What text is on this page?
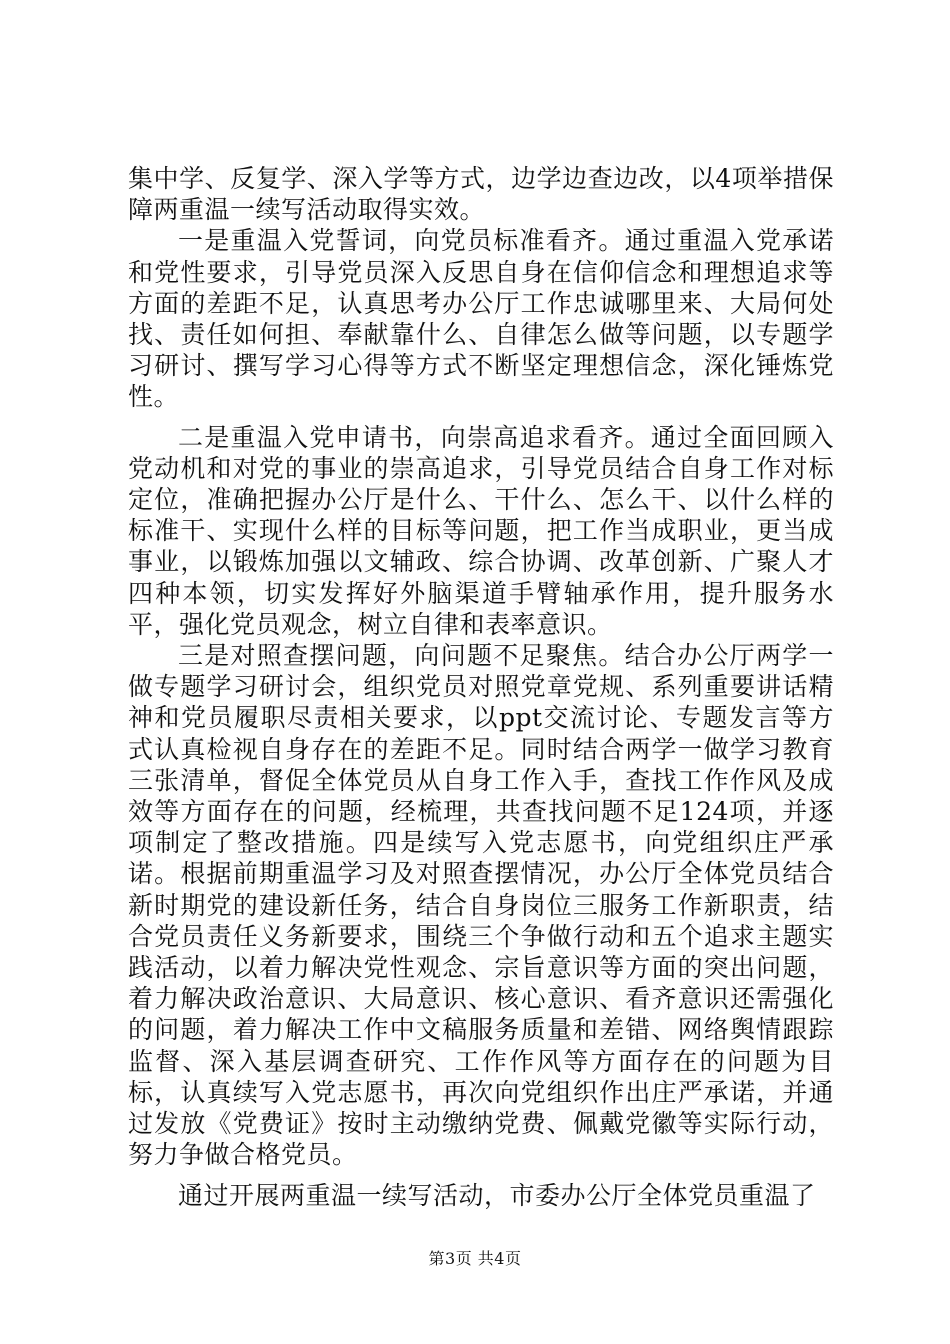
集中学、反复学、深入学等方式，边学边查边改，以4项举措保障两重温一续写活动取得实效。

一是重温入党誓词，向党员标准看齐。通过重温入党承诺和党性要求，引导党员深入反思自身在信仰信念和理想追求等方面的差距不足，认真思考办公厅工作忠诚哪里来、大局何处找、责任如何担、奉献靠什么、自律怎么做等问题，以专题学习研讨、撰写学习心得等方式不断坚定理想信念，深化锤炼党性。

二是重温入党申请书，向崇高追求看齐。通过全面回顾入党动机和对党的事业的崇高追求，引导党员结合自身工作对标定位，准确把握办公厅是什么、干什么、怎么干、以什么样的标准干、实现什么样的目标等问题，把工作当成职业，更当成事业，以锻炼加强以文辅政、综合协调、改革创新、广聚人才四种本领，切实发挥好外脑渠道手臂轴承作用，提升服务水平，强化党员观念，树立自律和表率意识。

三是对照查摆问题，向问题不足聚焦。结合办公厅两学一做专题学习研讨会，组织党员对照党章党规、系列重要讲话精神和党员履职尽责相关要求，以ppt交流讨论、专题发言等方式认真检视自身存在的差距不足。同时结合两学一做学习教育三张清单，督促全体党员从自身工作入手，查找工作作风及成效等方面存在的问题，经梳理，共查找问题不足124项，并逐项制定了整改措施。四是续写入党志愿书，向党组织庄严承诺。根据前期重温学习及对照查摆情况，办公厅全体党员结合新时期党的建设新任务，结合自身岗位三服务工作新职责，结合党员责任义务新要求，围绕三个争做行动和五个追求主题实践活动，以着力解决党性观念、宗旨意识等方面的突出问题，着力解决政治意识、大局意识、核心意识、看齐意识还需强化的问题，着力解决工作中文稿服务质量和差错、网络舆情跟踪监督、深入基层调查研究、工作作风等方面存在的问题为目标，认真续写入党志愿书，再次向党组织作出庄严承诺，并通过发放《党费证》按时主动缴纳党费、佩戴党徽等实际行动，努力争做合格党员。

通过开展两重温一续写活动，市委办公厅全体党员重温了

第3页 共4页
